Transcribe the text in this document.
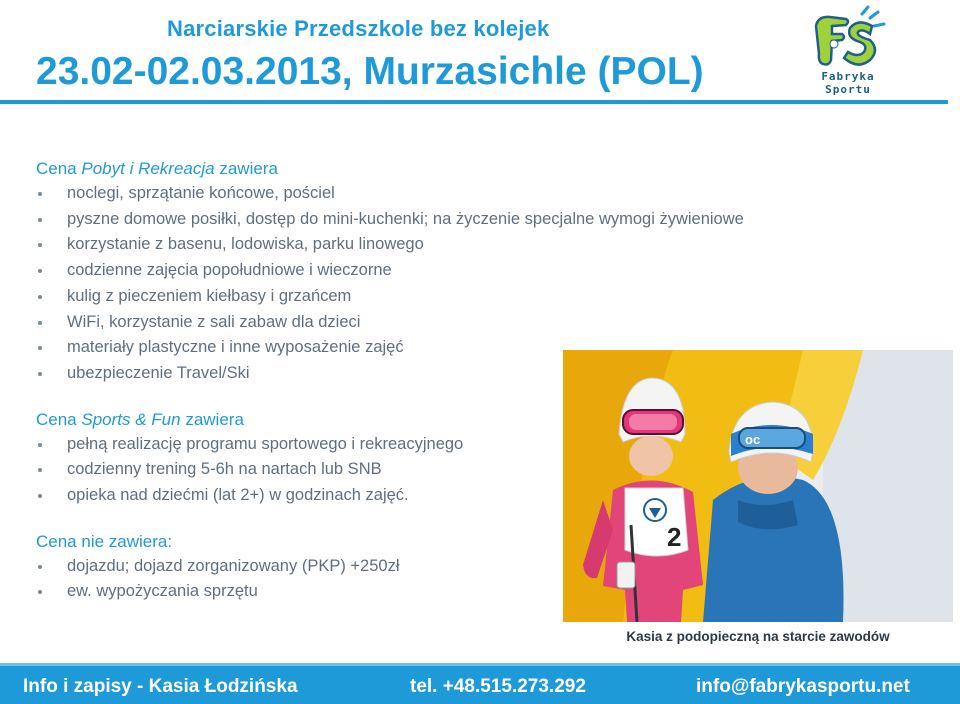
Narciarskie Przedszkole bez kolejek
23.02-02.03.2013, Murzasichle (POL)	Fabryka
Sportu

Cena Pobyt i Rekreacja zawiera

noclegi, sprzątanie końcowe, pościel
pyszne domowe posiłki, dostęp do mini-kuchenki; na życzenie specjalne wymogi żywieniowe
korzystanie z basenu, lodowiska, parku linowego
codzienne zajęcia popołudniowe i wieczorne
kulig z pieczeniem kiełbasy i grzańcem
WiFi, korzystanie z sali zabaw dla dzieci
materiały plastyczne i inne wyposażenie zajęć
ubezpieczenie Travel/Ski

Cena Sports & Fun zawiera

pełną realizację programu sportowego i rekreacyjnego
codzienny trening 5-6h na nartach lub SNB
opieka nad dziećmi (lat 2+) w godzinach zajęć.

Cena nie zawiera:

dojazdu; dojazd zorganizowany (PKP) +250zł
ew. wypożyczania sprzętu
oc
2
Kasia z podopieczną na starcie zawodów
Info i zapisy - Kasia Łodzińska	tel. +48.515.273.292	info@fabrykasportu.net
